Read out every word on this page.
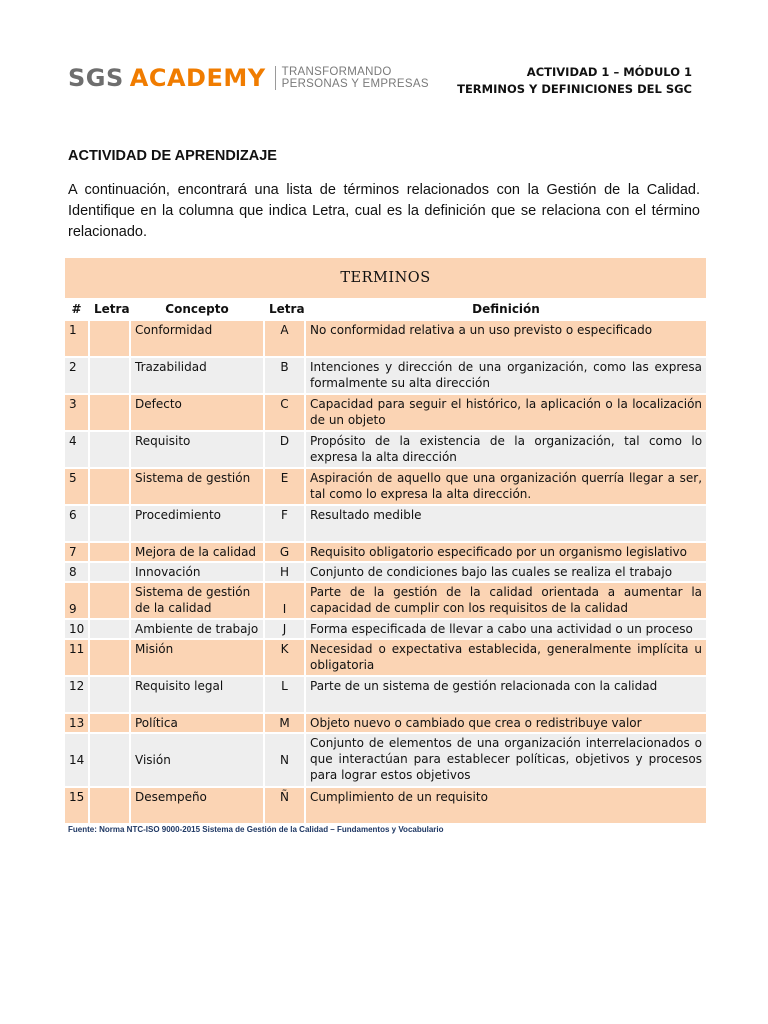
SGS ACADEMY TRANSFORMANDO
PERSONAS Y EMPRESAS
ACTIVIDAD 1 – MÓDULO 1
TERMINOS Y DEFINICIONES DEL SGC
ACTIVIDAD DE APRENDIZAJE
A continuación, encontrará una lista de términos relacionados con la Gestión de la Calidad. Identifique en la columna que indica Letra, cual es la definición que se relaciona con el término relacionado.
TERMINOS				
#	Letra	Concepto	Letra	Definición
1		Conformidad	A	No conformidad relativa a un uso previsto o especificado
2		Trazabilidad	B	Intenciones y dirección de una organización, como las expresa formalmente su alta dirección
3		Defecto	C	Capacidad para seguir el histórico, la aplicación o la localización de un objeto
4		Requisito	D	Propósito de la existencia de la organización, tal como lo expresa la alta dirección
5		Sistema de gestión	E	Aspiración de aquello que una organización querría llegar a ser, tal como lo expresa la alta dirección.
6		Procedimiento	F	Resultado medible
7		Mejora de la calidad	G	Requisito obligatorio especificado por un organismo legislativo
8		Innovación	H	Conjunto de condiciones bajo las cuales se realiza el trabajo
9		Sistema de gestión de la calidad	I	Parte de la gestión de la calidad orientada a aumentar la capacidad de cumplir con los requisitos de la calidad
10		Ambiente de trabajo	J	Forma especificada de llevar a cabo una actividad o un proceso
11		Misión	K	Necesidad o expectativa establecida, generalmente implícita u obligatoria
12		Requisito legal	L	Parte de un sistema de gestión relacionada con la calidad
13		Política	M	Objeto nuevo o cambiado que crea o redistribuye valor
14		Visión	N	Conjunto de elementos de una organización interrelacionados o que interactúan para establecer políticas, objetivos y procesos para lograr estos objetivos
15		Desempeño	Ñ	Cumplimiento de un requisito
Fuente: Norma NTC-ISO 9000-2015 Sistema de Gestión de la Calidad – Fundamentos y Vocabulario
